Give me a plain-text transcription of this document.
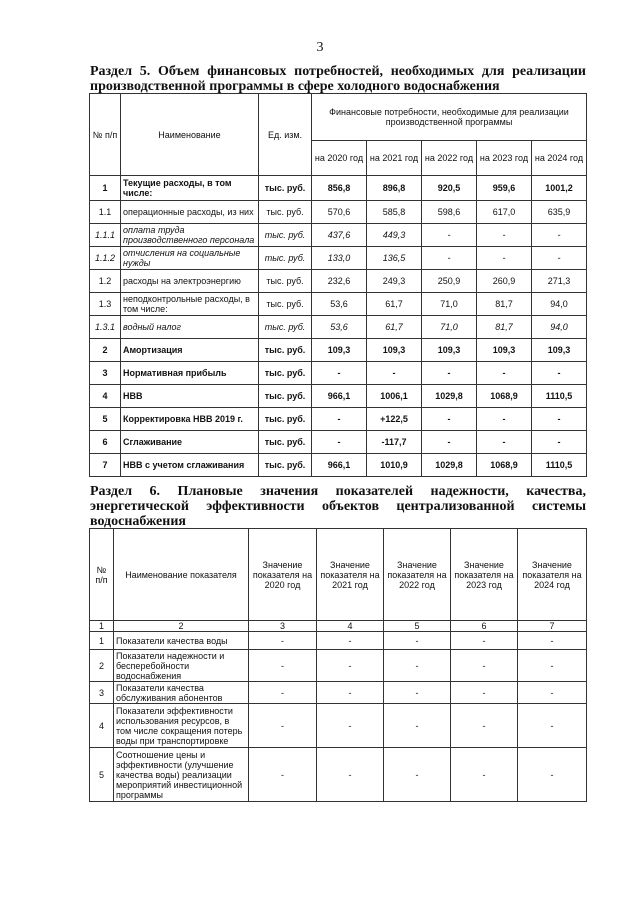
3
Раздел 5. Объем финансовых потребностей, необходимых для реализации производственной программы в сфере холодного водоснабжения
№ п/п	Наименование	Ед. изм.	Финансовые потребности, необходимые для реализации производственной программы				
			на 2020 год	на 2021 год	на 2022 год	на 2023 год	на 2024 год
1	Текущие расходы, в том числе:	тыс. руб.	856,8	896,8	920,5	959,6	1001,2
1.1	операционные расходы, из них	тыс. руб.	570,6	585,8	598,6	617,0	635,9
1.1.1	оплата труда производственного персонала	тыс. руб.	437,6	449,3	-	-	-
1.1.2	отчисления на социальные нужды	тыс. руб.	133,0	136,5	-	-	-
1.2	расходы на электроэнергию	тыс. руб.	232,6	249,3	250,9	260,9	271,3
1.3	неподконтрольные расходы, в том числе:	тыс. руб.	53,6	61,7	71,0	81,7	94,0
1.3.1	водный налог	тыс. руб.	53,6	61,7	71,0	81,7	94,0
2	Амортизация	тыс. руб.	109,3	109,3	109,3	109,3	109,3
3	Нормативная прибыль	тыс. руб.	-	-	-	-	-
4	НВВ	тыс. руб.	966,1	1006,1	1029,8	1068,9	1110,5
5	Корректировка НВВ 2019 г.	тыс. руб.	-	+122,5	-	-	-
6	Сглаживание	тыс. руб.	-	-117,7	-	-	-
7	НВВ с учетом сглаживания	тыс. руб.	966,1	1010,9	1029,8	1068,9	1110,5
Раздел 6. Плановые значения показателей надежности, качества, энергетической эффективности объектов централизованной системы водоснабжения
№ п/п	Наименование показателя	Значение показателя на 2020 год	Значение показателя на 2021 год	Значение показателя на 2022 год	Значение показателя на 2023 год	Значение показателя на 2024 год
1	2	3	4	5	6	7
1	Показатели качества воды	-	-	-	-	-
2	Показатели надежности и бесперебойности водоснабжения	-	-	-	-	-
3	Показатели качества обслуживания абонентов	-	-	-	-	-
4	Показатели эффективности использования ресурсов, в том числе сокращения потерь воды при транспортировке	-	-	-	-	-
5	Соотношение цены и эффективности (улучшение качества воды) реализации мероприятий инвестиционной программы	-	-	-	-	-
